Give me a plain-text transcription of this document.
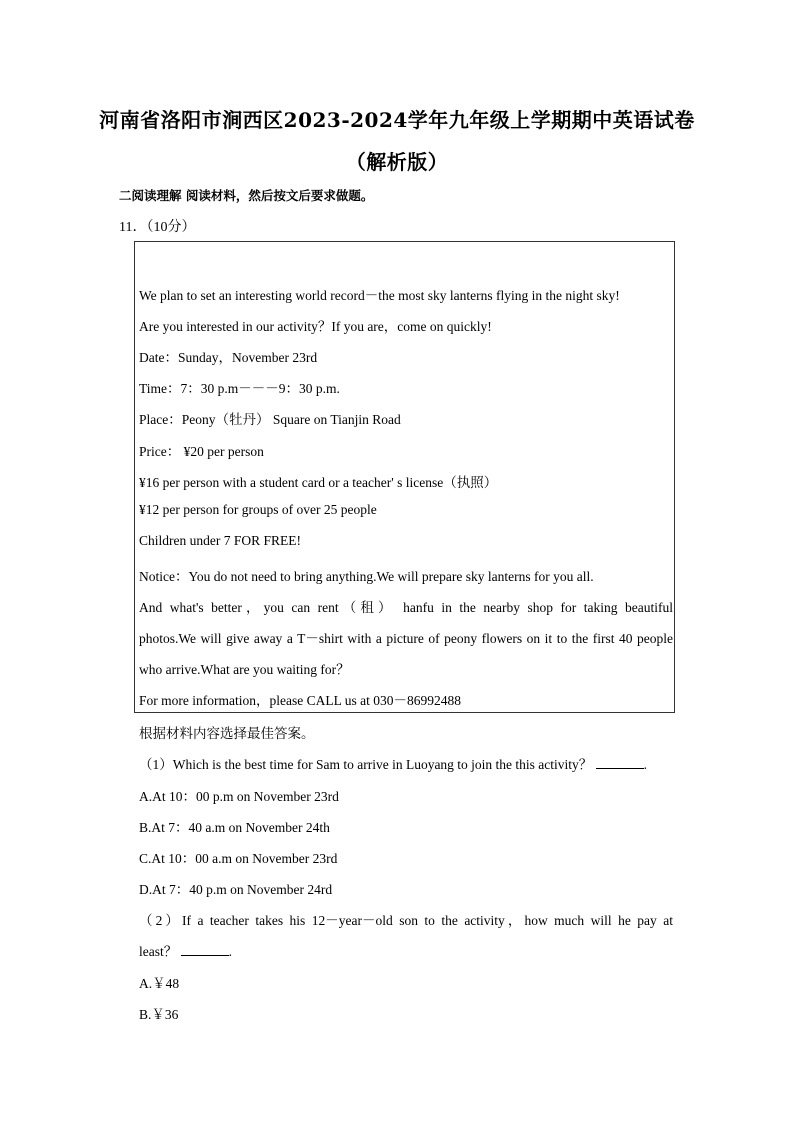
河南省洛阳市涧西区2023-2024学年九年级上学期期中英语试卷
（解析版）
二阅读理解 阅读材料，然后按文后要求做题。
11．（10分）
We plan to set an interesting world record－the most sky lanterns flying in the night sky!
Are you interested in our activity？If you are，come on quickly!
Date：Sunday，November 23rd
Time：7：30 p.m－－－9：30 p.m.
Place：Peony（牡丹） Square on Tianjin Road
Price： ¥20 per person
¥16 per person with a student card or a teacher' s license（执照）
¥12 per person for groups of over 25 people
Children under 7 FOR FREE!
Notice：You do not need to bring anything.We will prepare sky lanterns for you all.
And what's better，you can rent（租） hanfu in the nearby shop for taking beautiful
photos.We will give away a T－shirt with a picture of peony flowers on it to the first 40 people
who arrive.What are you waiting for？
For more information，please CALL us at 030－86992488
根据材料内容选择最佳答案。
（1）Which is the best time for Sam to arrive in Luoyang to join the this activity？	.
A.At 10：00 p.m on November 23rd
B.At 7：40 a.m on November 24th
C.At 10：00 a.m on November 23rd
D.At 7：40 p.m on November 24rd
（2）If a teacher takes his 12－year－old son to the activity，how much will he pay at
least？	.
A.￥48
B.￥36
